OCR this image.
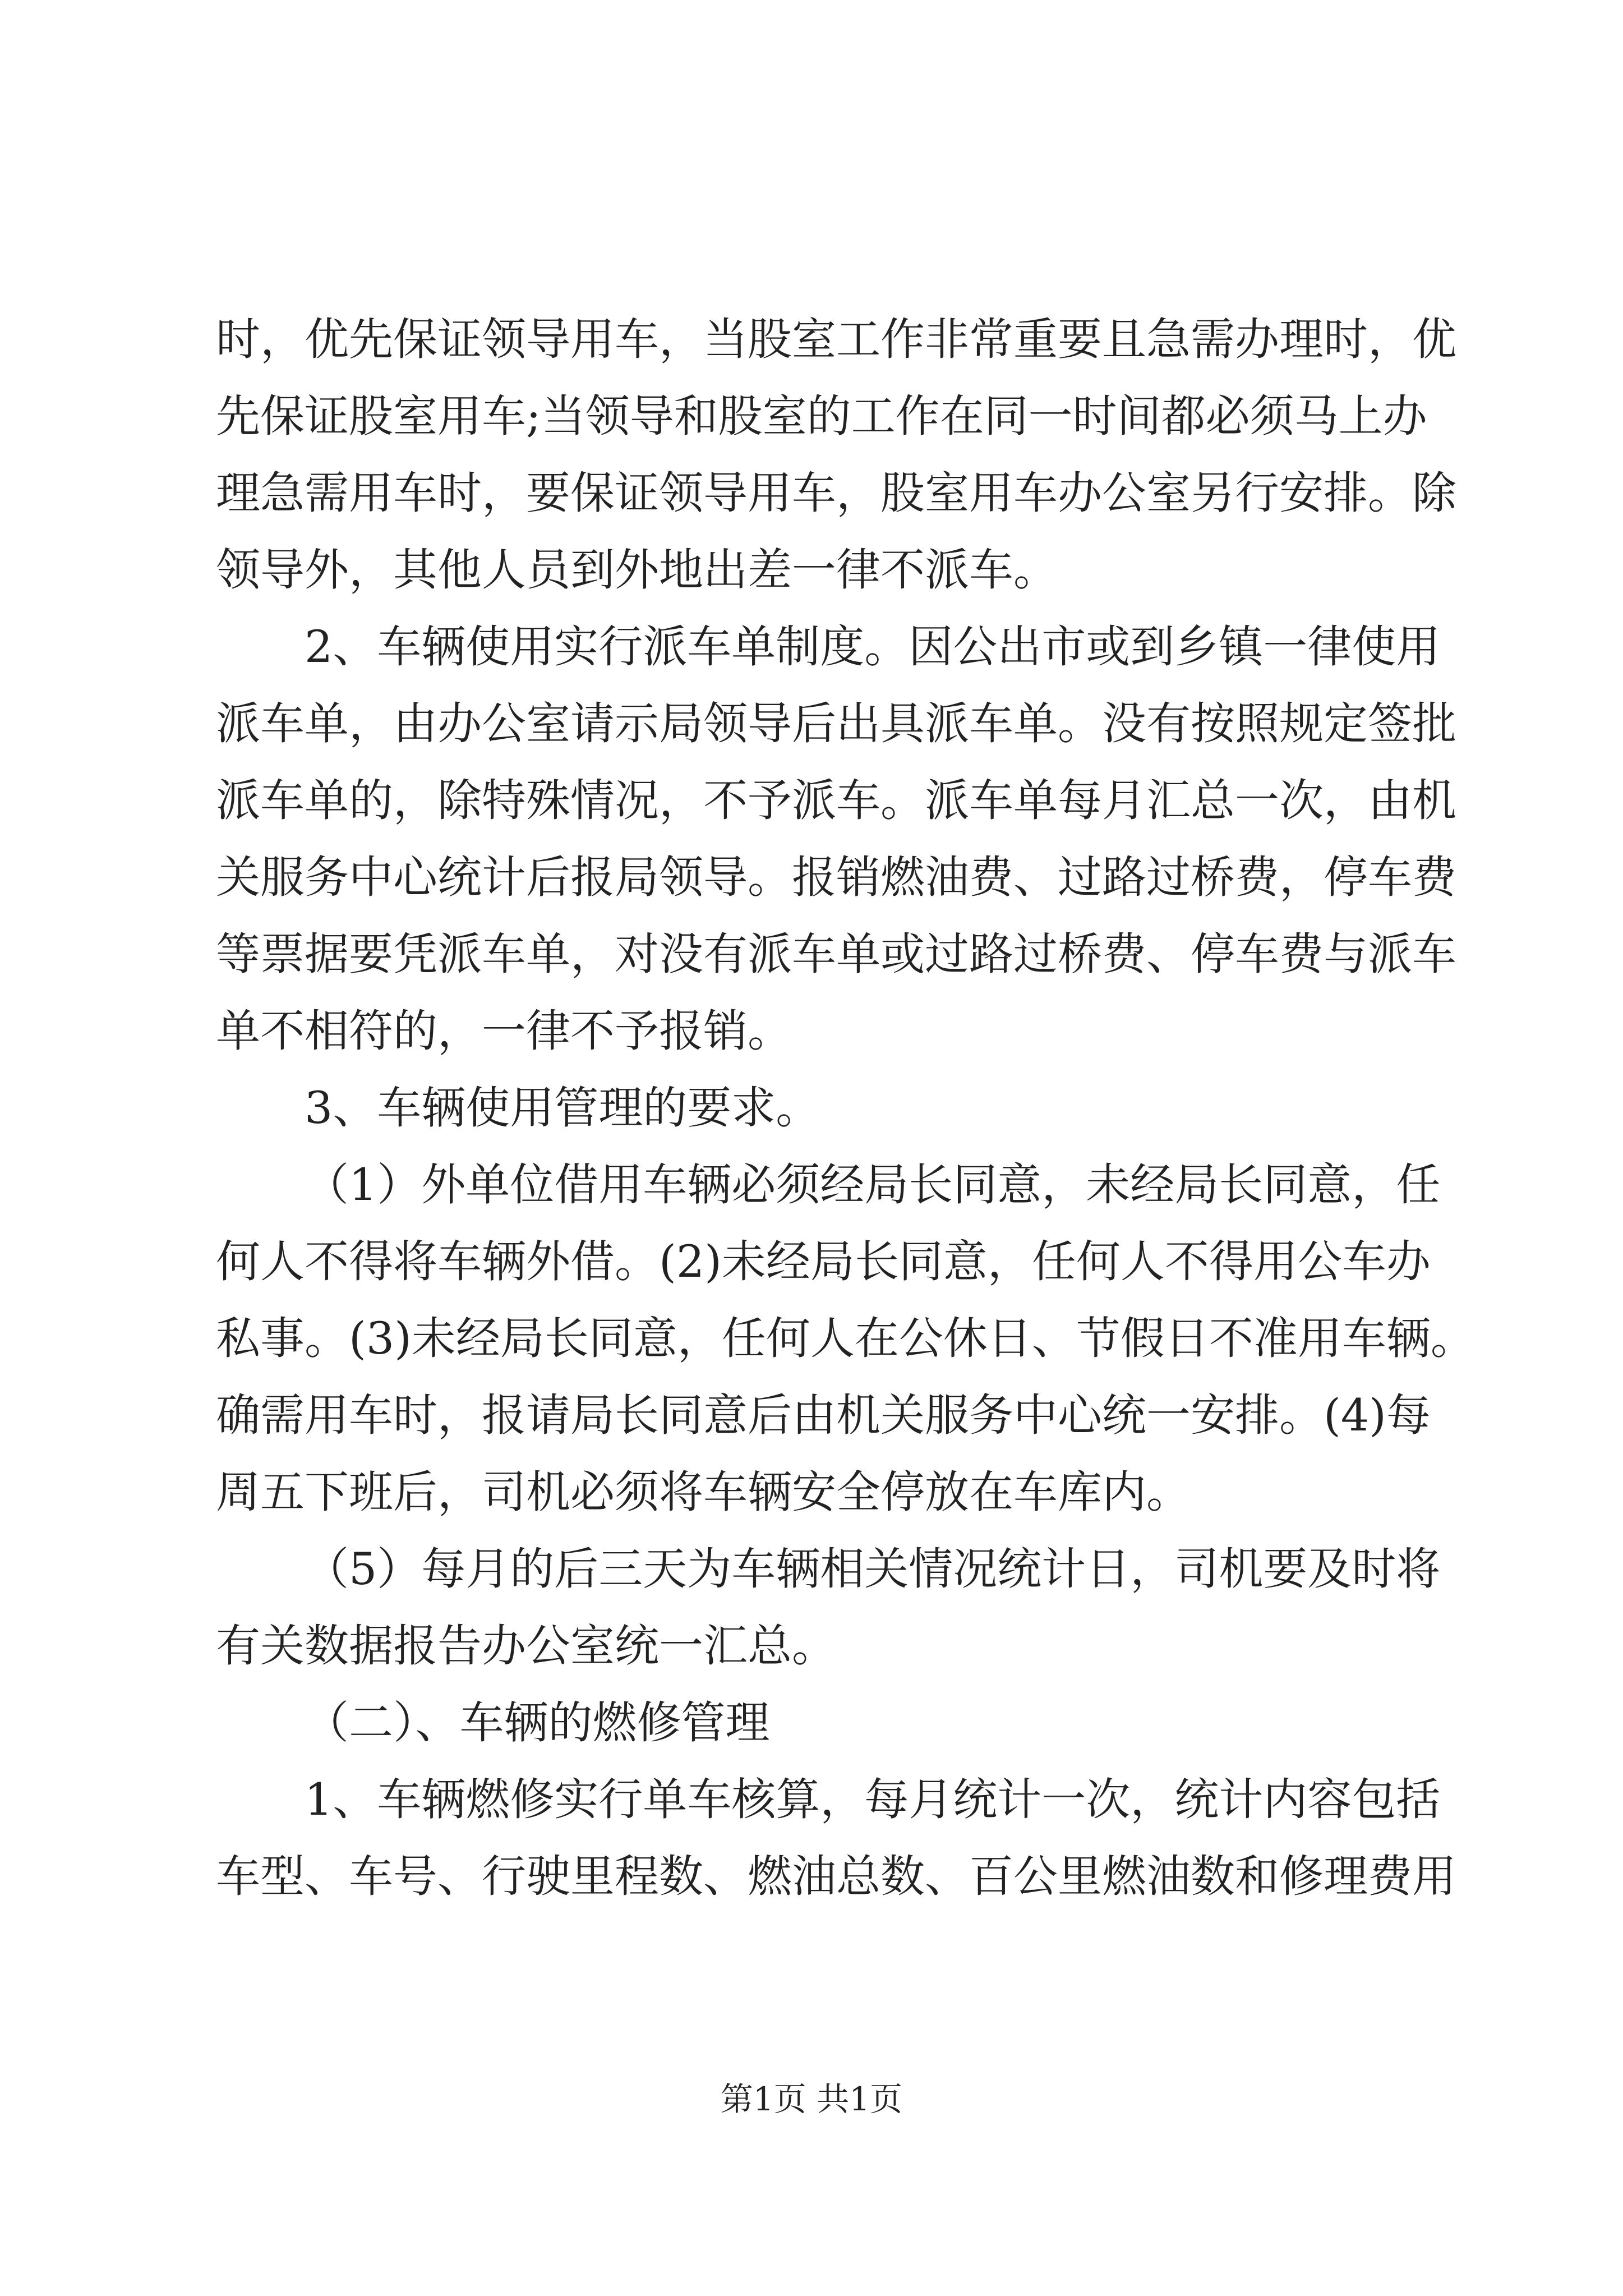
时，优先保证领导用车，当股室工作非常重要且急需办理时，优
先保证股室用车;当领导和股室的工作在同一时间都必须马上办
理急需用车时，要保证领导用车，股室用车办公室另行安排。除
领导外，其他人员到外地出差一律不派车。
2、车辆使用实行派车单制度。因公出市或到乡镇一律使用
派车单，由办公室请示局领导后出具派车单。没有按照规定签批
派车单的，除特殊情况，不予派车。派车单每月汇总一次，由机
关服务中心统计后报局领导。报销燃油费、过路过桥费，停车费
等票据要凭派车单，对没有派车单或过路过桥费、停车费与派车
单不相符的，一律不予报销。
3、车辆使用管理的要求。
（1）外单位借用车辆必须经局长同意，未经局长同意，任
何人不得将车辆外借。(2)未经局长同意，任何人不得用公车办
私事。(3)未经局长同意，任何人在公休日、节假日不准用车辆。
确需用车时，报请局长同意后由机关服务中心统一安排。(4)每
周五下班后，司机必须将车辆安全停放在车库内。
（5）每月的后三天为车辆相关情况统计日，司机要及时将
有关数据报告办公室统一汇总。
（二）、车辆的燃修管理
1、车辆燃修实行单车核算，每月统计一次，统计内容包括
车型、车号、行驶里程数、燃油总数、百公里燃油数和修理费用
第1页 共1页
